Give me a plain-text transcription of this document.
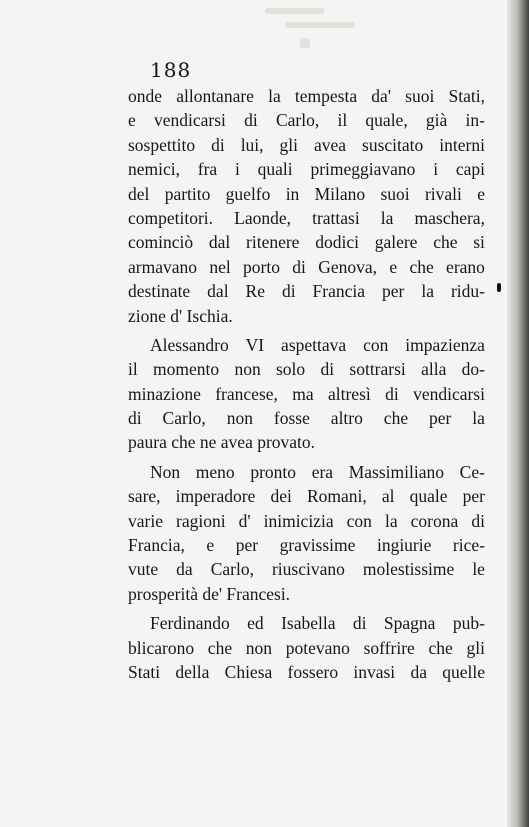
188
onde allontanare la tempesta da' suoi Stati,
e vendicarsi di Carlo, il quale, già in-
sospettito di lui, gli avea suscitato interni
nemici, fra i quali primeggiavano i capi
del partito guelfo in Milano suoi rivali e
competitori. Laonde, trattasi la maschera,
cominciò dal ritenere dodici galere che si
armavano nel porto di Genova, e che erano
destinate dal Re di Francia per la ridu-
zione d' Ischia.
Alessandro VI aspettava con impazienza
il momento non solo di sottrarsi alla do-
minazione francese, ma altresì di vendicarsi
di Carlo, non fosse altro che per la
paura che ne avea provato.
Non meno pronto era Massimiliano Ce-
sare, imperadore dei Romani, al quale per
varie ragioni d' inimicizia con la corona di
Francia, e per gravissime ingiurie rice-
vute da Carlo, riuscivano molestissime le
prosperità de' Francesi.
Ferdinando ed Isabella di Spagna pub-
blicarono che non potevano soffrire che gli
Stati della Chiesa fossero invasi da quelle
